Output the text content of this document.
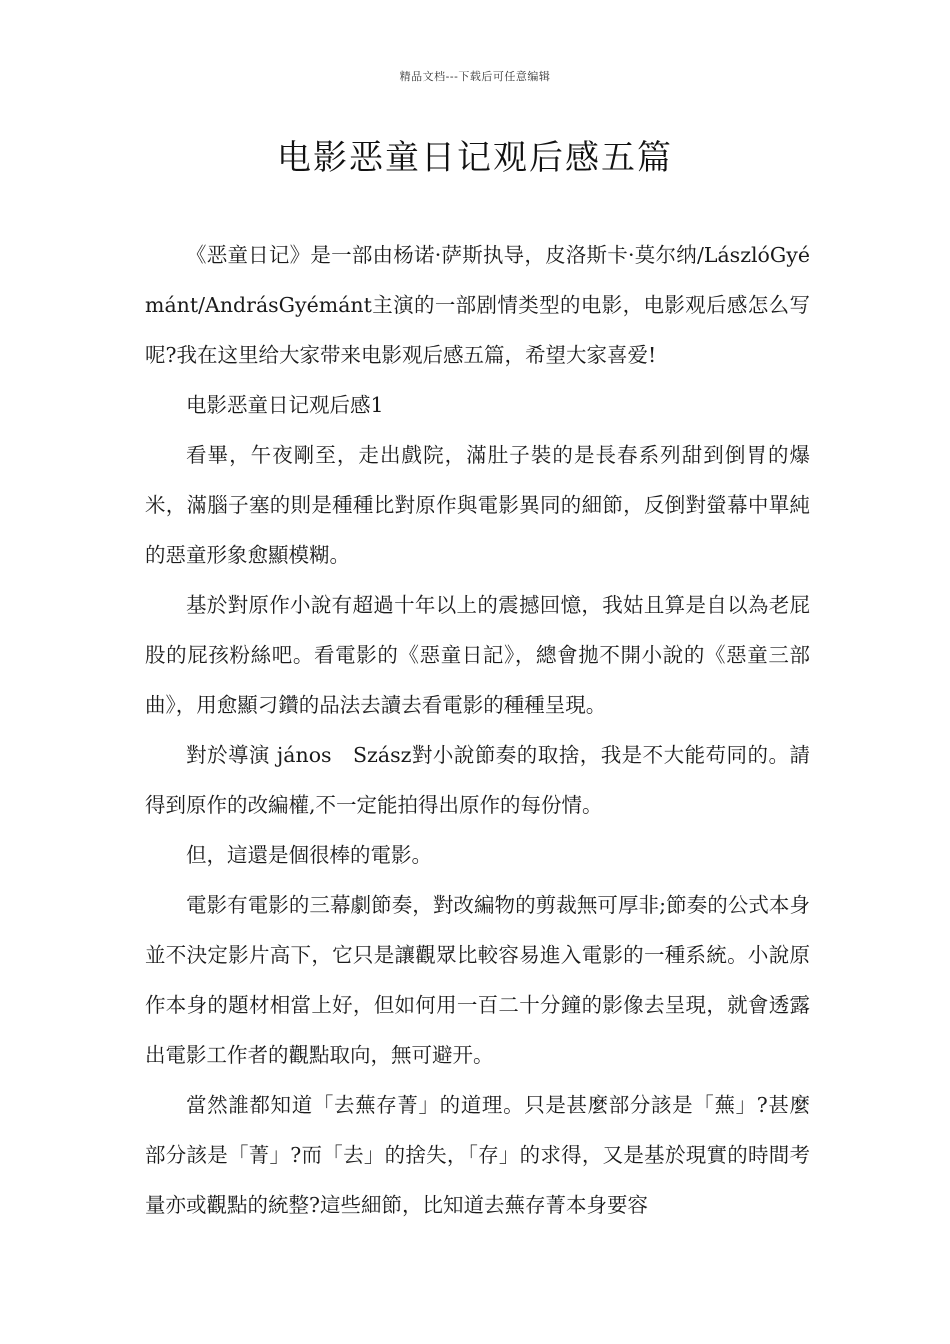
精品文档---下载后可任意编辑
电影恶童日记观后感五篇

《恶童日记》是一部由杨诺·萨斯执导，皮洛斯卡·莫尔纳/LászlóGyémánt/AndrásGyémánt主演的一部剧情类型的电影，电影观后感怎么写呢?我在这里给大家带来电影观后感五篇，希望大家喜爱!

电影恶童日记观后感1

看畢，午夜剛至，走出戲院，滿肚子裝的是長春系列甜到倒胃的爆米，滿腦子塞的則是種種比對原作與電影異同的細節，反倒對螢幕中單純的惡童形象愈顯模糊。

基於對原作小說有超過十年以上的震撼回憶，我姑且算是自以為老屁股的屁孩粉絲吧。看電影的《惡童日記》，總會拋不開小說的《惡童三部曲》，用愈顯刁鑽的品法去讀去看電影的種種呈現。

對於導演 jános　Szász對小說節奏的取捨，我是不大能苟同的。請得到原作的改編權,不一定能拍得出原作的每份情。

但，這還是個很棒的電影。

電影有電影的三幕劇節奏，對改編物的剪裁無可厚非;節奏的公式本身並不決定影片高下，它只是讓觀眾比較容易進入電影的一種系統。小說原作本身的題材相當上好，但如何用一百二十分鐘的影像去呈現，就會透露出電影工作者的觀點取向，無可避开。

當然誰都知道「去蕪存菁」的道理。只是甚麼部分該是「蕪」?甚麼部分該是「菁」?而「去」的捨失，「存」的求得，又是基於現實的時間考量亦或觀點的統整?這些細節，比知道去蕪存菁本身要容
